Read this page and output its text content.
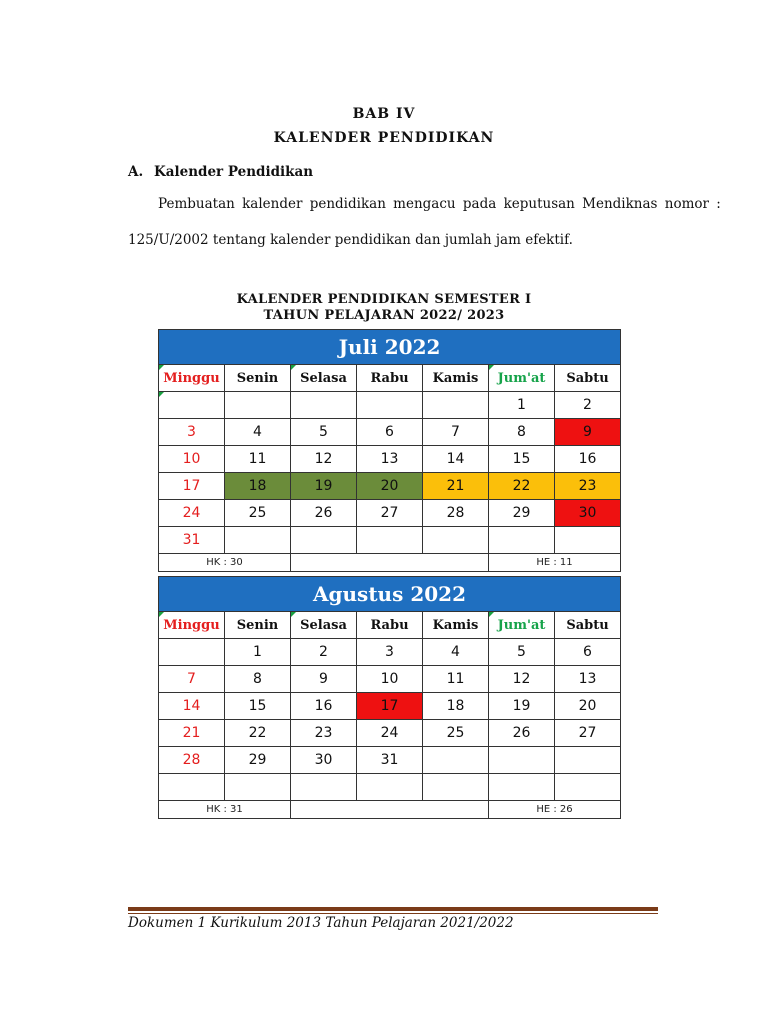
BAB IV
KALENDER PENDIDIKAN
A. Kalender Pendidikan
Pembuatan kalender pendidikan mengacu pada keputusan Mendiknas nomor :
125/U/2002 tentang kalender pendidikan dan jumlah jam efektif.
KALENDER PENDIDIKAN SEMESTER I
TAHUN PELAJARAN 2022/ 2023
Juli 2022						
Minggu	Senin	Selasa	Rabu	Kamis	Jum'at	Sabtu

					1	2
3	4	5	6	7	8	9
10	11	12	13	14	15	16
17	18	19	20	21	22	23
24	25	26	27	28	29	30
31						
HK : 30					HE : 11	
Agustus 2022						
Minggu	Senin	Selasa	Rabu	Kamis	Jum'at	Sabtu
	1	2	3	4	5	6
7	8	9	10	11	12	13
14	15	16	17	18	19	20
21	22	23	24	25	26	27
28	29	30	31			

HK : 31					HE : 26	
Dokumen 1 Kurikulum 2013 Tahun Pelajaran 2021/2022
